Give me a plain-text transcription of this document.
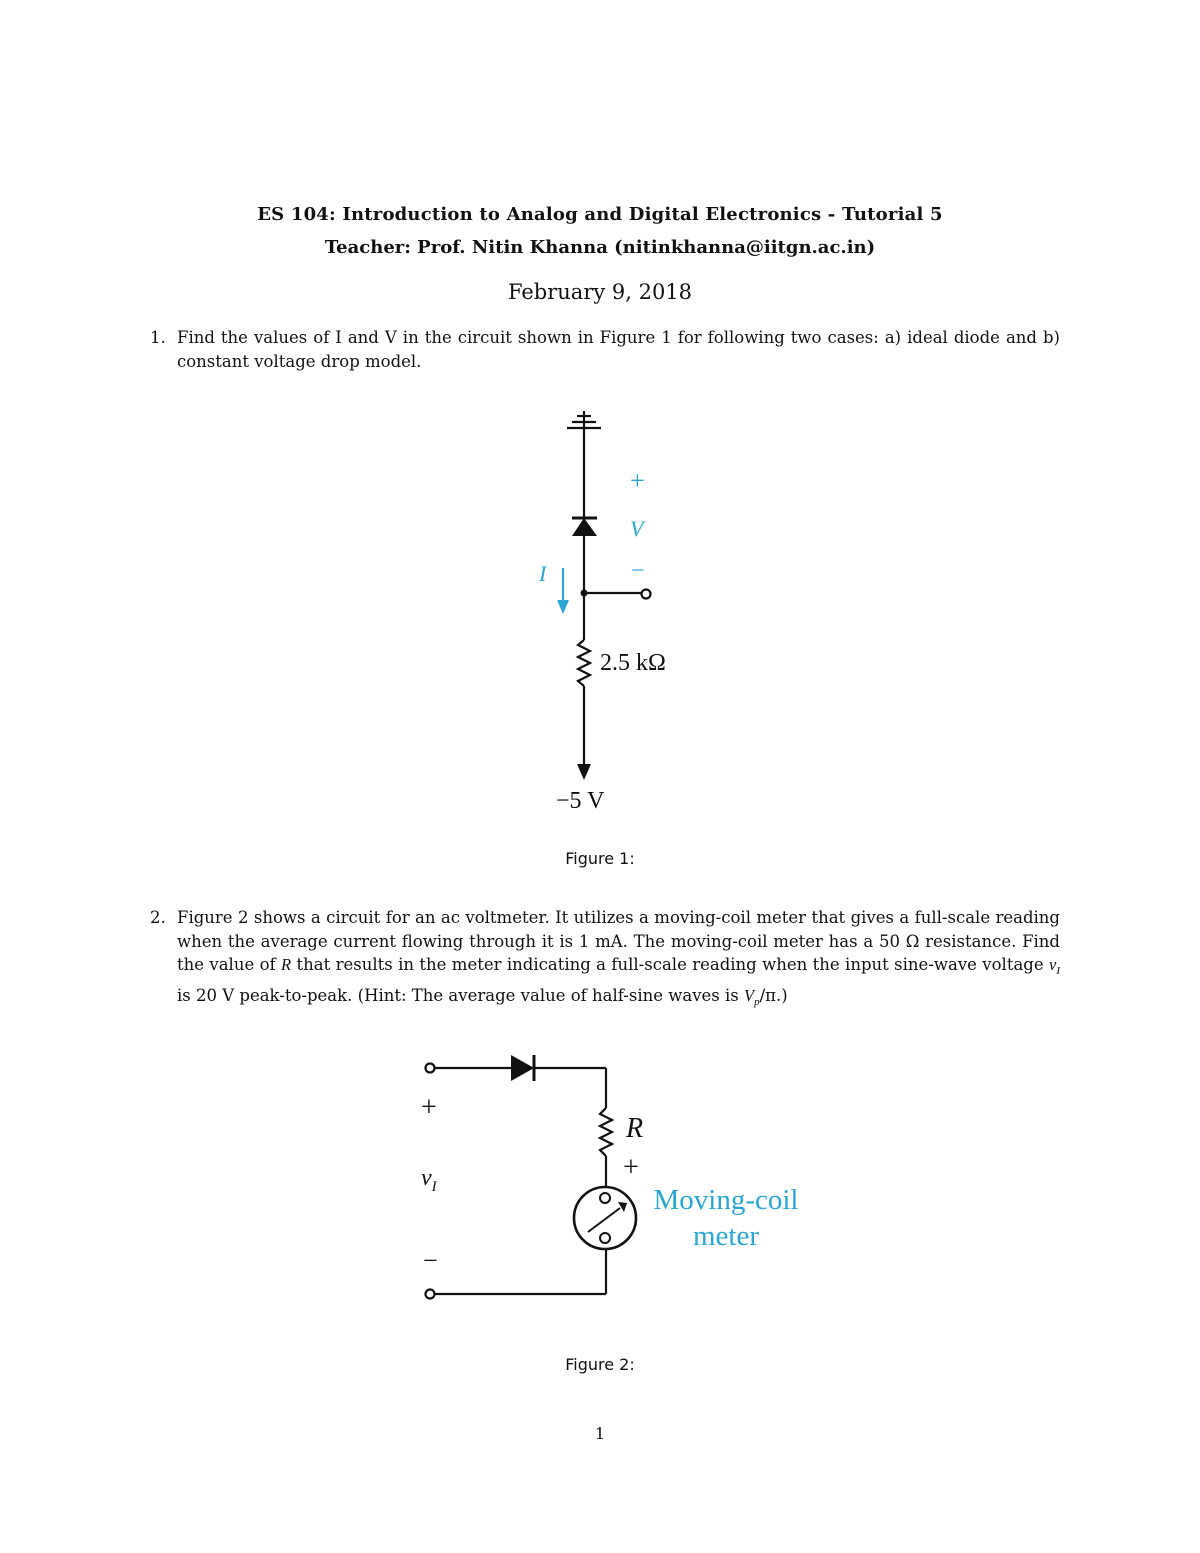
ES 104: Introduction to Analog and Digital Electronics - Tutorial 5
Teacher: Prof. Nitin Khanna (nitinkhanna@iitgn.ac.in)
February 9, 2018
1. Find the values of I and V in the circuit shown in Figure 1 for following two cases: a) ideal diode and b) constant voltage drop model.
+
V
−
I
2.5 kΩ
−5 V
Figure 1:
2. Figure 2 shows a circuit for an ac voltmeter. It utilizes a moving-coil meter that gives a full-scale reading when the average current flowing through it is 1 mA. The moving-coil meter has a 50 Ω resistance. Find the value of R that results in the meter indicating a full-scale reading when the input sine-wave voltage $v_I$ is 20 V peak-to-peak. (Hint: The average value of half-sine waves is $V_p/\pi$.)
+
$v_I$
−
R
+
Moving-coil
meter
Figure 2:
1
